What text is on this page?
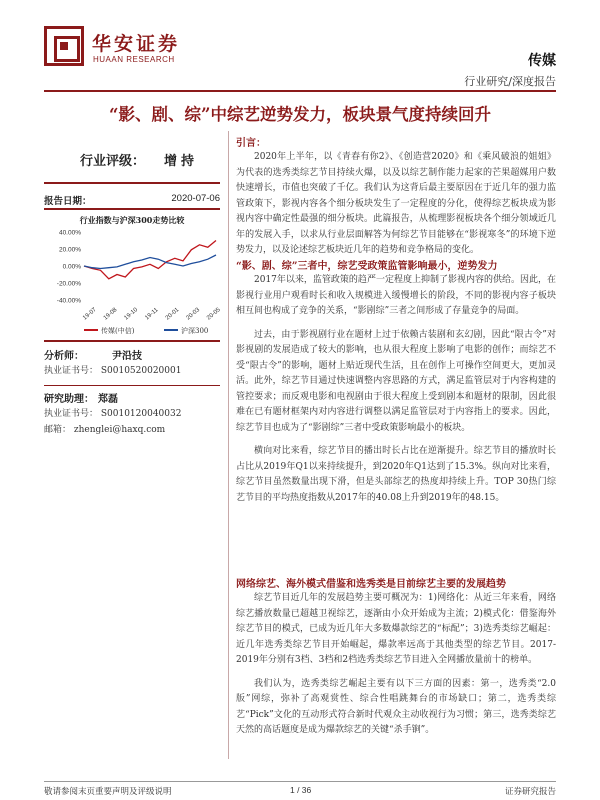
华安证券
HUAAN RESEARCH	传媒
行业研究/深度报告
“影、剧、综”中综艺逆势发力，板块景气度持续回升
行业评级： 增持
报告日期：	2020-07-06
行业指数与沪深300走势比较
40.00%
20.00%
0.00%
-20.00%
-40.00%
19-07 19-08 19-10 19-11 20-01 20-03 20-05
传媒(中信)	沪深300
分析师：	尹沿技
执业证书号： S0010520020001
研究助理： 郑磊
执业证书号： S0010120040032
邮箱： zhenglei@haxq.com
引言：

2020年上半年，以《青春有你2》、《创造营2020》和《乘风破浪的姐姐》为代表的选秀类综艺节目持续火爆，以及以综艺制作能力起家的芒果超媒用户数快速增长，市值也突破了千亿。我们认为这背后最主要原因在于近几年的强力监管政策下，影视内容各个细分板块发生了一定程度的分化，使得综艺板块成为影视内容中确定性最强的细分板块。此篇报告，从梳理影视板块各个细分领域近几年的发展入手，以求从行业层面解答为何综艺节目能够在“影视寒冬”的环境下逆势发力，以及论述综艺板块近几年的趋势和竞争格局的变化。

“影、剧、综”三者中，综艺受政策监管影响最小，逆势发力

2017年以来，监管政策的趋严一定程度上抑制了影视内容的供给。因此，在影视行业用户观看时长和收入规模进入缓慢增长的阶段，不同的影视内容子板块相互间也构成了竞争的关系，“影剧综”三者之间形成了存量竞争的局面。

过去，由于影视剧行业在题材上过于依赖古装剧和玄幻剧，因此“限古令”对影视剧的发展造成了较大的影响，也从很大程度上影响了电影的创作；而综艺不受“限古令”的影响，题材上贴近现代生活，且在创作上可操作空间更大，更加灵活。此外，综艺节目通过快速调整内容思路的方式，满足监管层对于内容构建的管控要求；而反观电影和电视剧由于很大程度上受到剧本和题材的限制，因此很难在已有题材框架内对内容进行调整以满足监管层对于内容指上的要求。因此，综艺节目也成为了“影剧综”三者中受政策影响最小的板块。

横向对比来看，综艺节目的播出时长占比在逆渐提升。综艺节目的播放时长占比从2019年Q1以来持续提升，到2020年Q1达到了15.3%。纵向对比来看，综艺节目虽然数量出现下滑，但是头部综艺的热度却持续上升。TOP 30热门综艺节目的平均热度指数从2017年的40.08上升到2019年的48.15。

网络综艺、海外模式借鉴和选秀类是目前综艺主要的发展趋势

综艺节目近几年的发展趋势主要可概况为：1)网络化：从近三年来看，网络综艺播放数量已超越卫视综艺，逐渐由小众开始成为主流；2)模式化：借鉴海外综艺节目的模式，已成为近几年大多数爆款综艺的“标配”；3)选秀类综艺崛起：近几年选秀类综艺节目开始崛起，爆款率远高于其他类型的综艺节目。2017-2019年分别有3档、3档和2档选秀类综艺节目进入全网播放量前十的榜单。

我们认为，选秀类综艺崛起主要有以下三方面的因素：第一，选秀类“2.0版”网综，弥补了高观赏性、综合性唱跳舞台的市场缺口；第二，选秀类综艺“Pick”文化的互动形式符合新时代观众主动收视行为习惯；第三，选秀类综艺天然的高话题度是成为爆款综艺的关键“杀手锏”。

敬请参阅末页重要声明及评级说明	1 / 36	证券研究报告
